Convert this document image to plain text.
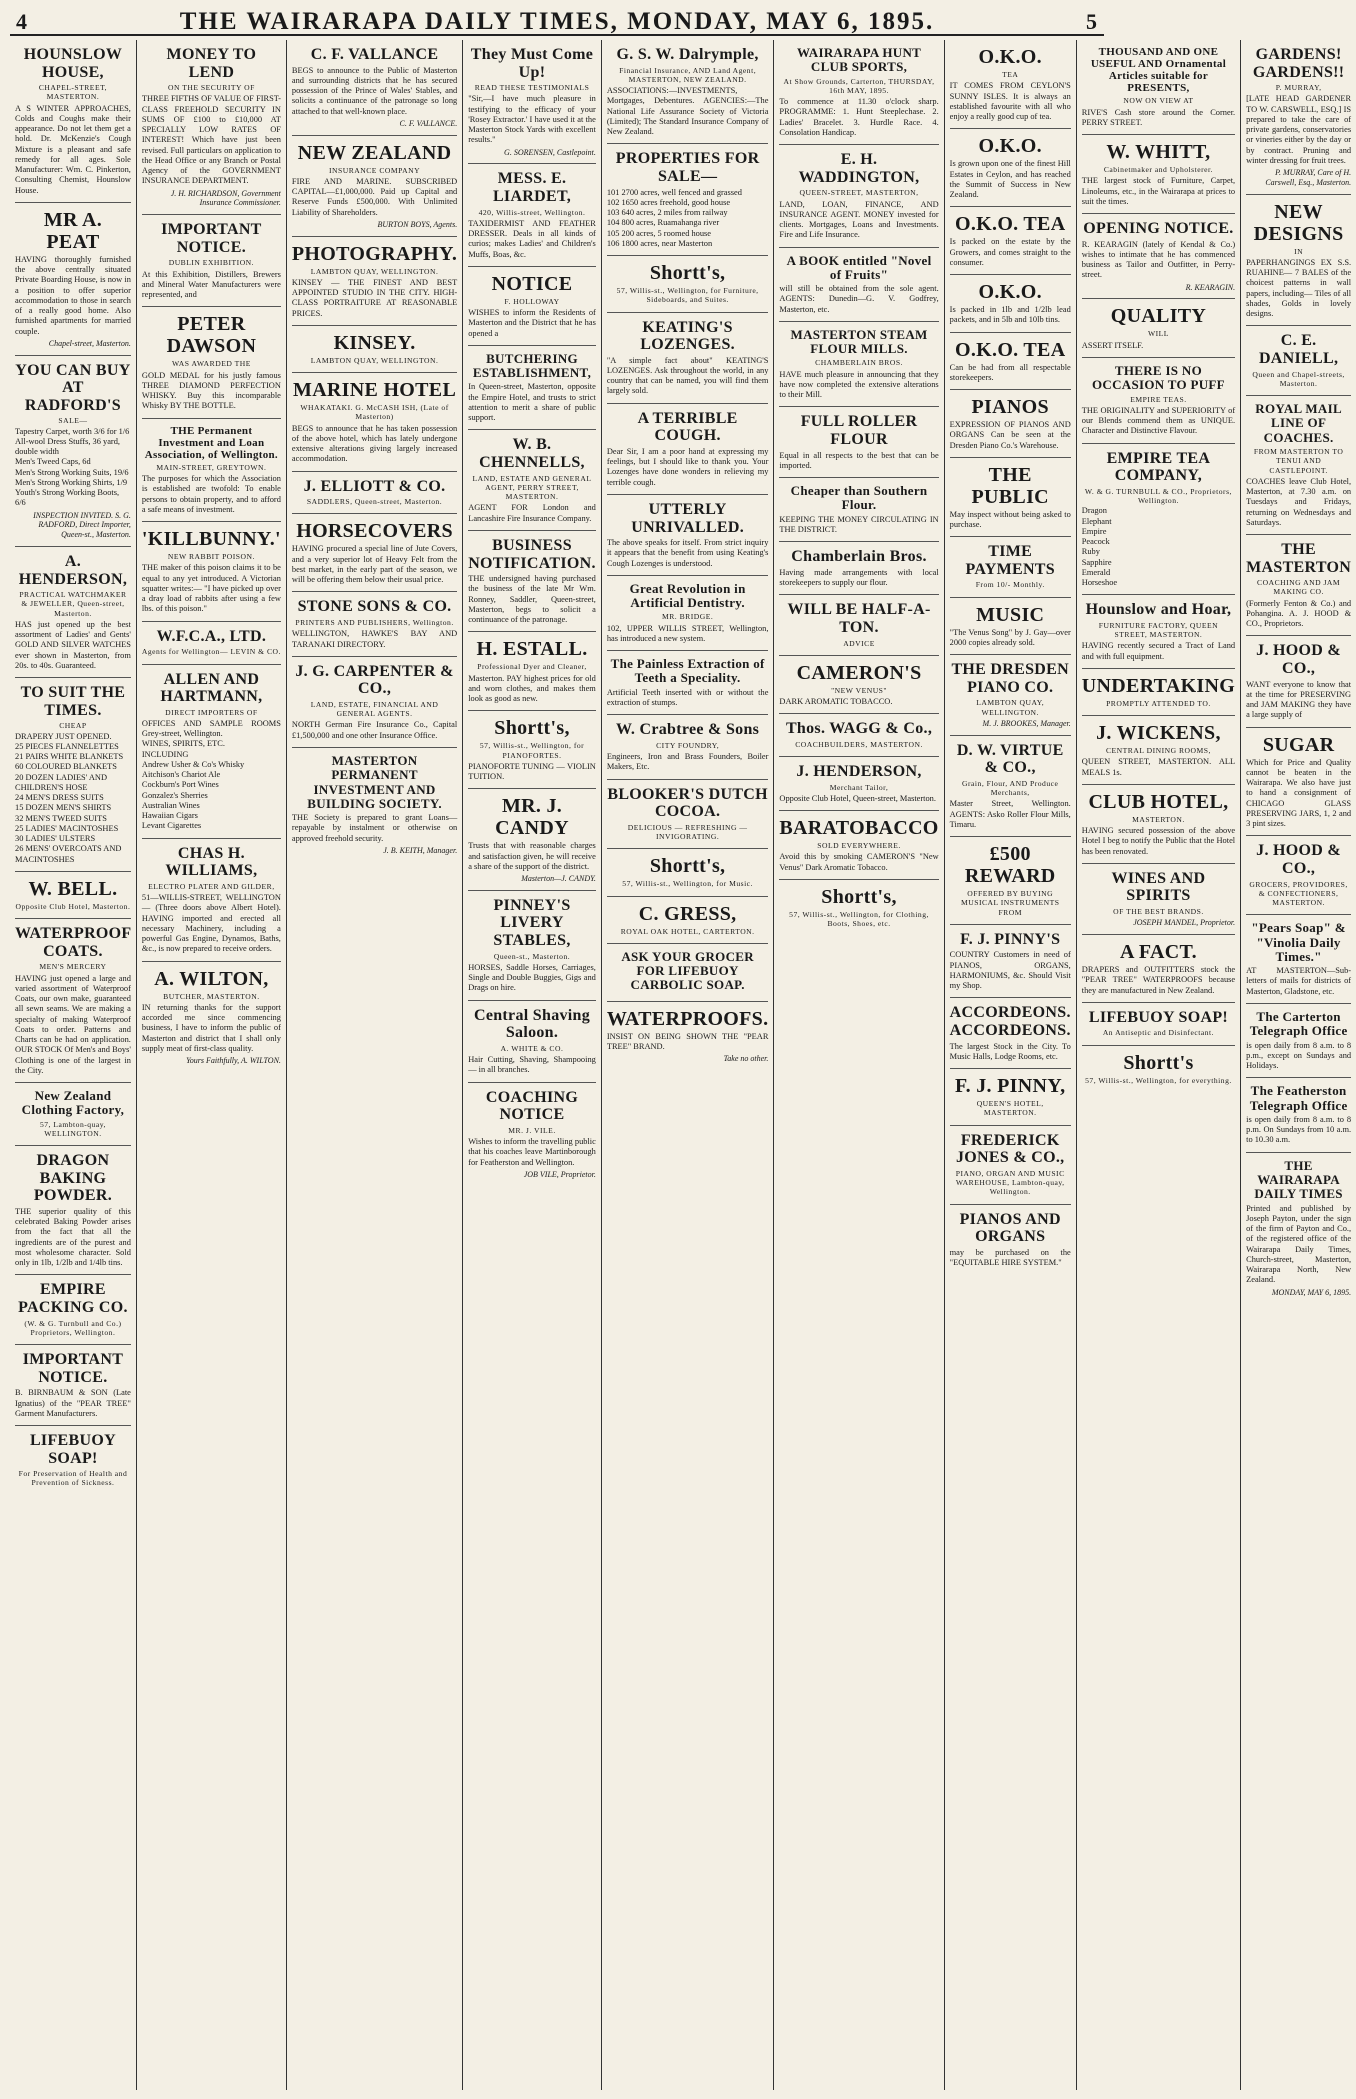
4	THE WAIRARAPA DAILY TIMES, MONDAY, MAY 6, 1895.	5
HOUNSLOW HOUSE,
CHAPEL-STREET, MASTERTON.
A S WINTER APPROACHES, Colds and Coughs make their appearance. Do not let them get a hold. Dr. McKenzie's Cough Mixture is a pleasant and safe remedy for all ages. Sole Manufacturer: Wm. C. Pinkerton, Consulting Chemist, Hounslow House.
MR A. PEAT
HAVING thoroughly furnished the above centrally situated Private Boarding House, is now in a position to offer superior accommodation to those in search of a really good home. Also furnished apartments for married couple.
Chapel-street, Masterton.
YOU CAN BUY AT RADFORD'S
SALE—
Tapestry Carpet, worth 3/6 for 1/6
All-wool Dress Stuffs, 36 yard, double width
Men's Tweed Caps, 6d
Men's Strong Working Suits, 19/6
Men's Strong Working Shirts, 1/9
Youth's Strong Working Boots, 6/6
INSPECTION INVITED. S. G. RADFORD, Direct Importer, Queen-st., Masterton.
A. HENDERSON,
PRACTICAL WATCHMAKER & JEWELLER, Queen-street, Masterton.
HAS just opened up the best assortment of Ladies' and Gents' GOLD AND SILVER WATCHES ever shown in Masterton, from 20s. to 40s. Guaranteed.
TO SUIT THE TIMES.
CHEAP
DRAPERY JUST OPENED.
25 PIECES FLANNELETTES
21 PAIRS WHITE BLANKETS
60 COLOURED BLANKETS
20 DOZEN LADIES' AND CHILDREN'S HOSE
24 MEN'S DRESS SUITS
15 DOZEN MEN'S SHIRTS
32 MEN'S TWEED SUITS
25 LADIES' MACINTOSHES
30 LADIES' ULSTERS
26 MENS' OVERCOATS AND MACINTOSHES
W. BELL.
Opposite Club Hotel, Masterton.
WATERPROOF COATS.
MEN'S MERCERY
HAVING just opened a large and varied assortment of Waterproof Coats, our own make, guaranteed all sewn seams. We are making a specialty of making Waterproof Coats to order. Patterns and Charts can be had on application. OUR STOCK Of Men's and Boys' Clothing is one of the largest in the City.
New Zealand Clothing Factory,
57, Lambton-quay, WELLINGTON.
DRAGON BAKING POWDER.
THE superior quality of this celebrated Baking Powder arises from the fact that all the ingredients are of the purest and most wholesome character. Sold only in 1lb, 1/2lb and 1/4lb tins.
EMPIRE PACKING CO.
(W. & G. Turnbull and Co.) Proprietors, Wellington.
IMPORTANT NOTICE.
B. BIRNBAUM & SON (Late Ignatius) of the "PEAR TREE" Garment Manufacturers.
LIFEBUOY SOAP!
For Preservation of Health and Prevention of Sickness.
MONEY TO LEND
ON THE SECURITY OF
THREE FIFTHS OF VALUE OF FIRST-CLASS FREEHOLD SECURITY IN SUMS OF £100 to £10,000 AT SPECIALLY LOW RATES OF INTEREST! Which have just been revised. Full particulars on application to the Head Office or any Branch or Postal Agency of the GOVERNMENT INSURANCE DEPARTMENT.
J. H. RICHARDSON, Government Insurance Commissioner.
IMPORTANT NOTICE.
DUBLIN EXHIBITION.
At this Exhibition, Distillers, Brewers and Mineral Water Manufacturers were represented, and
PETER DAWSON
WAS AWARDED THE
GOLD MEDAL for his justly famous THREE DIAMOND PERFECTION WHISKY. Buy this incomparable Whisky BY THE BOTTLE.
THE Permanent Investment and Loan Association, of Wellington.
MAIN-STREET, GREYTOWN.
The purposes for which the Association is established are twofold: To enable persons to obtain property, and to afford a safe means of investment.
'KILLBUNNY.'
NEW RABBIT POISON.
THE maker of this poison claims it to be equal to any yet introduced. A Victorian squatter writes:— "I have picked up over a dray load of rabbits after using a few lbs. of this poison."
W.F.C.A., LTD.
Agents for Wellington— LEVIN & CO.
ALLEN AND HARTMANN,
DIRECT IMPORTERS OF
OFFICES AND SAMPLE ROOMS Grey-street, Wellington.
WINES, SPIRITS, ETC.
INCLUDING
Andrew Usher & Co's Whisky
Aitchison's Chariot Ale
Cockburn's Port Wines
Gonzalez's Sherries
Australian Wines
Hawaiian Cigars
Levant Cigarettes
CHAS H. WILLIAMS,
ELECTRO PLATER AND GILDER,
51—WILLIS-STREET, WELLINGTON— (Three doors above Albert Hotel). HAVING imported and erected all necessary Machinery, including a powerful Gas Engine, Dynamos, Baths, &c., is now prepared to receive orders.
A. WILTON,
BUTCHER, MASTERTON.
IN returning thanks for the support accorded me since commencing business, I have to inform the public of Masterton and district that I shall only supply meat of first-class quality.
Yours Faithfully, A. WILTON.
C. F. VALLANCE
BEGS to announce to the Public of Masterton and surrounding districts that he has secured possession of the Prince of Wales' Stables, and solicits a continuance of the patronage so long attached to that well-known place.
C. F. VALLANCE.
NEW ZEALAND
INSURANCE COMPANY
FIRE AND MARINE. SUBSCRIBED CAPITAL—£1,000,000. Paid up Capital and Reserve Funds £500,000. With Unlimited Liability of Shareholders.
BURTON BOYS, Agents.
PHOTOGRAPHY.
LAMBTON QUAY, WELLINGTON.
KINSEY — THE FINEST AND BEST APPOINTED STUDIO IN THE CITY. HIGH-CLASS PORTRAITURE AT REASONABLE PRICES.
KINSEY.
LAMBTON QUAY, WELLINGTON.
MARINE HOTEL
WHAKATAKI. G. McCASH ISH, (Late of Masterton)
BEGS to announce that he has taken possession of the above hotel, which has lately undergone extensive alterations giving largely increased accommodation.
J. ELLIOTT & CO.
SADDLERS, Queen-street, Masterton.
HORSECOVERS
HAVING procured a special line of Jute Covers, and a very superior lot of Heavy Felt from the best market, in the early part of the season, we will be offering them below their usual price.
STONE SONS & CO.
PRINTERS AND PUBLISHERS, Wellington.
WELLINGTON, HAWKE'S BAY AND TARANAKI DIRECTORY.
J. G. CARPENTER & CO.,
LAND, ESTATE, FINANCIAL AND GENERAL AGENTS.
NORTH German Fire Insurance Co., Capital £1,500,000 and one other Insurance Office.
MASTERTON PERMANENT INVESTMENT AND BUILDING SOCIETY.
THE Society is prepared to grant Loans—repayable by instalment or otherwise on approved freehold security.
J. B. KEITH, Manager.
They Must Come Up!
READ THESE TESTIMONIALS
"Sir,—I have much pleasure in testifying to the efficacy of your 'Rosey Extractor.' I have used it at the Masterton Stock Yards with excellent results."
G. SORENSEN, Castlepoint.
MESS. E. LIARDET,
420, Willis-street, Wellington.
TAXIDERMIST AND FEATHER DRESSER. Deals in all kinds of curios; makes Ladies' and Children's Muffs, Boas, &c.
NOTICE
F. HOLLOWAY
WISHES to inform the Residents of Masterton and the District that he has opened a
BUTCHERING ESTABLISHMENT,
In Queen-street, Masterton, opposite the Empire Hotel, and trusts to strict attention to merit a share of public support.
W. B. CHENNELLS,
LAND, ESTATE AND GENERAL AGENT, PERRY STREET, MASTERTON.
AGENT FOR London and Lancashire Fire Insurance Company.
BUSINESS NOTIFICATION.
THE undersigned having purchased the business of the late Mr Wm. Ronney, Saddler, Queen-street, Masterton, begs to solicit a continuance of the patronage.
H. ESTALL.
Professional Dyer and Cleaner,
Masterton. PAY highest prices for old and worn clothes, and makes them look as good as new.
Shortt's,
57, Willis-st., Wellington, for PIANOFORTES.
PIANOFORTE TUNING — VIOLIN TUITION.
MR. J. CANDY
Trusts that with reasonable charges and satisfaction given, he will receive a share of the support of the district.
Masterton—J. CANDY.
PINNEY'S LIVERY STABLES,
Queen-st., Masterton.
HORSES, Saddle Horses, Carriages, Single and Double Buggies, Gigs and Drags on hire.
Central Shaving Saloon.
A. WHITE & CO.
Hair Cutting, Shaving, Shampooing — in all branches.
COACHING NOTICE
MR. J. VILE.
Wishes to inform the travelling public that his coaches leave Martinborough for Featherston and Wellington.
JOB VILE, Proprietor.
G. S. W. Dalrymple,
Financial Insurance, AND Land Agent, MASTERTON, NEW ZEALAND.
ASSOCIATIONS:—INVESTMENTS, Mortgages, Debentures. AGENCIES:—The National Life Assurance Society of Victoria (Limited); The Standard Insurance Company of New Zealand.
PROPERTIES FOR SALE—
101 2700 acres, well fenced and grassed
102 1650 acres freehold, good house
103 640 acres, 2 miles from railway
104 800 acres, Ruamahanga river
105 200 acres, 5 roomed house
106 1800 acres, near Masterton
Shortt's,
57, Willis-st., Wellington, for Furniture, Sideboards, and Suites.
KEATING'S LOZENGES.
"A simple fact about" KEATING'S LOZENGES. Ask throughout the world, in any country that can be named, you will find them largely sold.
A TERRIBLE COUGH.
Dear Sir, I am a poor hand at expressing my feelings, but I should like to thank you. Your Lozenges have done wonders in relieving my terrible cough.
UTTERLY UNRIVALLED.
The above speaks for itself. From strict inquiry it appears that the benefit from using Keating's Cough Lozenges is understood.
Great Revolution in Artificial Dentistry.
MR. BRIDGE.
102, UPPER WILLIS STREET, Wellington, has introduced a new system.
The Painless Extraction of Teeth a Speciality.
Artificial Teeth inserted with or without the extraction of stumps.
W. Crabtree & Sons
CITY FOUNDRY,
Engineers, Iron and Brass Founders, Boiler Makers, Etc.
BLOOKER'S DUTCH COCOA.
DELICIOUS — REFRESHING — INVIGORATING.
Shortt's,
57, Willis-st., Wellington, for Music.
C. GRESS,
ROYAL OAK HOTEL, CARTERTON.
ASK YOUR GROCER FOR LIFEBUOY CARBOLIC SOAP.
WATERPROOFS.
INSIST ON BEING SHOWN THE "PEAR TREE" BRAND.
Take no other.
WAIRARAPA HUNT CLUB SPORTS,
At Show Grounds, Carterton, THURSDAY, 16th MAY, 1895.
To commence at 11.30 o'clock sharp. PROGRAMME: 1. Hunt Steeplechase. 2. Ladies' Bracelet. 3. Hurdle Race. 4. Consolation Handicap.
E. H. WADDINGTON,
QUEEN-STREET, MASTERTON,
LAND, LOAN, FINANCE, AND INSURANCE AGENT. MONEY invested for clients. Mortgages, Loans and Investments. Fire and Life Insurance.
A BOOK entitled "Novel of Fruits"
will still be obtained from the sole agent. AGENTS: Dunedin—G. V. Godfrey, Masterton, etc.
MASTERTON STEAM FLOUR MILLS.
CHAMBERLAIN BROS.
HAVE much pleasure in announcing that they have now completed the extensive alterations to their Mill.
FULL ROLLER FLOUR
Equal in all respects to the best that can be imported.
Cheaper than Southern Flour.
KEEPING THE MONEY CIRCULATING IN THE DISTRICT.
Chamberlain Bros.
Having made arrangements with local storekeepers to supply our flour.
WILL BE HALF-A-TON.
ADVICE
CAMERON'S
"NEW VENUS"
DARK AROMATIC TOBACCO.
Thos. WAGG & Co.,
COACHBUILDERS, MASTERTON.
J. HENDERSON,
Merchant Tailor,
Opposite Club Hotel, Queen-street, Masterton.
BARATOBACCO
SOLD EVERYWHERE.
Avoid this by smoking CAMERON'S "New Venus" Dark Aromatic Tobacco.
Shortt's,
57, Willis-st., Wellington, for Clothing, Boots, Shoes, etc.
O.K.O.
TEA
IT COMES FROM CEYLON'S SUNNY ISLES. It is always an established favourite with all who enjoy a really good cup of tea.
O.K.O.
Is grown upon one of the finest Hill Estates in Ceylon, and has reached the Summit of Success in New Zealand.
O.K.O. TEA
Is packed on the estate by the Growers, and comes straight to the consumer.
O.K.O.
Is packed in 1lb and 1/2lb lead packets, and in 5lb and 10lb tins.
O.K.O. TEA
Can be had from all respectable storekeepers.
PIANOS
EXPRESSION OF PIANOS AND ORGANS Can be seen at the Dresden Piano Co.'s Warehouse.
THE PUBLIC
May inspect without being asked to purchase.
TIME PAYMENTS
From 10/- Monthly.
MUSIC
"The Venus Song" by J. Gay—over 2000 copies already sold.
THE DRESDEN PIANO CO.
LAMBTON QUAY, WELLINGTON.
M. J. BROOKES, Manager.
D. W. VIRTUE & CO.,
Grain, Flour, AND Produce Merchants,
Master Street, Wellington. AGENTS: Asko Roller Flour Mills, Timaru.
£500 REWARD
OFFERED BY BUYING MUSICAL INSTRUMENTS FROM
F. J. PINNY'S
COUNTRY Customers in need of PIANOS, ORGANS, HARMONIUMS, &c. Should Visit my Shop.
ACCORDEONS. ACCORDEONS.
The largest Stock in the City. To Music Halls, Lodge Rooms, etc.
F. J. PINNY,
QUEEN'S HOTEL, MASTERTON.
FREDERICK JONES & CO.,
PIANO, ORGAN AND MUSIC WAREHOUSE, Lambton-quay, Wellington.
PIANOS AND ORGANS
may be purchased on the "EQUITABLE HIRE SYSTEM."
THOUSAND AND ONE USEFUL AND Ornamental Articles suitable for PRESENTS,
NOW ON VIEW AT
RIVE'S Cash store around the Corner. PERRY STREET.
W. WHITT,
Cabinetmaker and Upholsterer.
THE largest stock of Furniture, Carpet, Linoleums, etc., in the Wairarapa at prices to suit the times.
OPENING NOTICE.
R. KEARAGIN (lately of Kendal & Co.) wishes to intimate that he has commenced business as Tailor and Outfitter, in Perry-street.
R. KEARAGIN.
QUALITY
WILL
ASSERT ITSELF.
THERE IS NO OCCASION TO PUFF
EMPIRE TEAS.
THE ORIGINALITY and SUPERIORITY of our Blends commend them as UNIQUE. Character and Distinctive Flavour.
EMPIRE TEA COMPANY,
W. & G. TURNBULL & CO., Proprietors, Wellington.
Dragon
Elephant
Empire
Peacock
Ruby
Sapphire
Emerald
Horseshoe
Hounslow and Hoar,
FURNITURE FACTORY, QUEEN STREET, MASTERTON.
HAVING recently secured a Tract of Land and with full equipment.
UNDERTAKING
PROMPTLY ATTENDED TO.
J. WICKENS,
CENTRAL DINING ROOMS,
QUEEN STREET, MASTERTON. ALL MEALS 1s.
CLUB HOTEL,
MASTERTON.
HAVING secured possession of the above Hotel I beg to notify the Public that the Hotel has been renovated.
WINES AND SPIRITS
OF THE BEST BRANDS.
JOSEPH MANDEL, Proprietor.
A FACT.
DRAPERS and OUTFITTERS stock the "PEAR TREE" WATERPROOFS because they are manufactured in New Zealand.
LIFEBUOY SOAP!
An Antiseptic and Disinfectant.
Shortt's
57, Willis-st., Wellington, for everything.
GARDENS! GARDENS!!
P. MURRAY,
[LATE HEAD GARDENER TO W. CARSWELL, ESQ.] IS prepared to take the care of private gardens, conservatories or vineries either by the day or by contract. Pruning and winter dressing for fruit trees.
P. MURRAY, Care of H. Carswell, Esq., Masterton.
NEW DESIGNS
IN
PAPERHANGINGS EX S.S. RUAHINE— 7 BALES of the choicest patterns in wall papers, including— Tiles of all shades, Golds in lovely designs.
C. E. DANIELL,
Queen and Chapel-streets, Masterton.
ROYAL MAIL LINE OF COACHES.
FROM MASTERTON TO TENUI AND CASTLEPOINT.
COACHES leave Club Hotel, Masterton, at 7.30 a.m. on Tuesdays and Fridays, returning on Wednesdays and Saturdays.
THE MASTERTON
COACHING AND JAM MAKING CO.
(Formerly Fenton & Co.) and Pohangina. A. J. HOOD & CO., Proprietors.
J. HOOD & CO.,
WANT everyone to know that at the time for PRESERVING and JAM MAKING they have a large supply of
SUGAR
Which for Price and Quality cannot be beaten in the Wairarapa. We also have just to hand a consignment of CHICAGO GLASS PRESERVING JARS, 1, 2 and 3 pint sizes.
J. HOOD & CO.,
GROCERS, PROVIDORES, & CONFECTIONERS, MASTERTON.
"Pears Soap" & "Vinolia Daily Times."
AT MASTERTON—Sub-letters of mails for districts of Masterton, Gladstone, etc.
The Carterton Telegraph Office
is open daily from 8 a.m. to 8 p.m., except on Sundays and Holidays.
The Featherston Telegraph Office
is open daily from 8 a.m. to 8 p.m. On Sundays from 10 a.m. to 10.30 a.m.
THE WAIRARAPA DAILY TIMES
Printed and published by Joseph Payton, under the sign of the firm of Payton and Co., of the registered office of the Wairarapa Daily Times, Church-street, Masterton, Wairarapa North, New Zealand.
MONDAY, MAY 6, 1895.
